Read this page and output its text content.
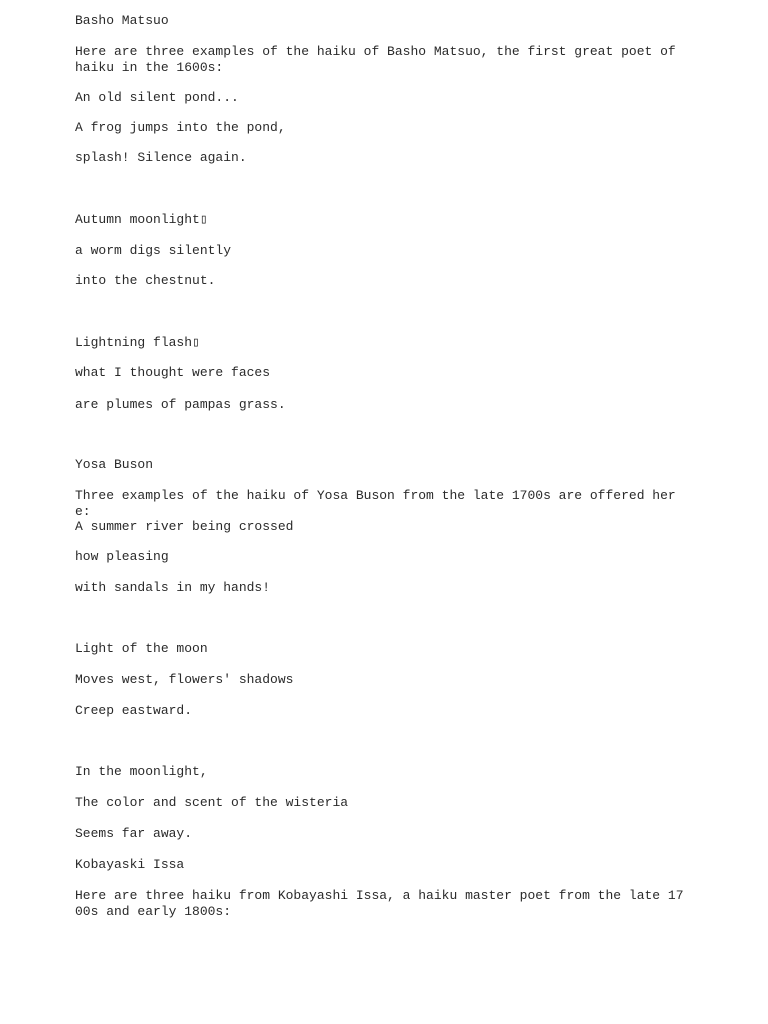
Basho Matsuo

Here are three examples of the haiku of Basho Matsuo, the first great poet of haiku in the 1600s:

An old silent pond...

A frog jumps into the pond,

splash! Silence again.

Autumn moonlight▯

a worm digs silently

into the chestnut.

Lightning flash▯

what I thought were faces

are plumes of pampas grass.

Yosa Buson

Three examples of the haiku of Yosa Buson from the late 1700s are offered here:

A summer river being crossed

how pleasing

with sandals in my hands!

Light of the moon

Moves west, flowers' shadows

Creep eastward.

In the moonlight,

The color and scent of the wisteria

Seems far away.

Kobayaski Issa

Here are three haiku from Kobayashi Issa, a haiku master poet from the late 1700s and early 1800s:
